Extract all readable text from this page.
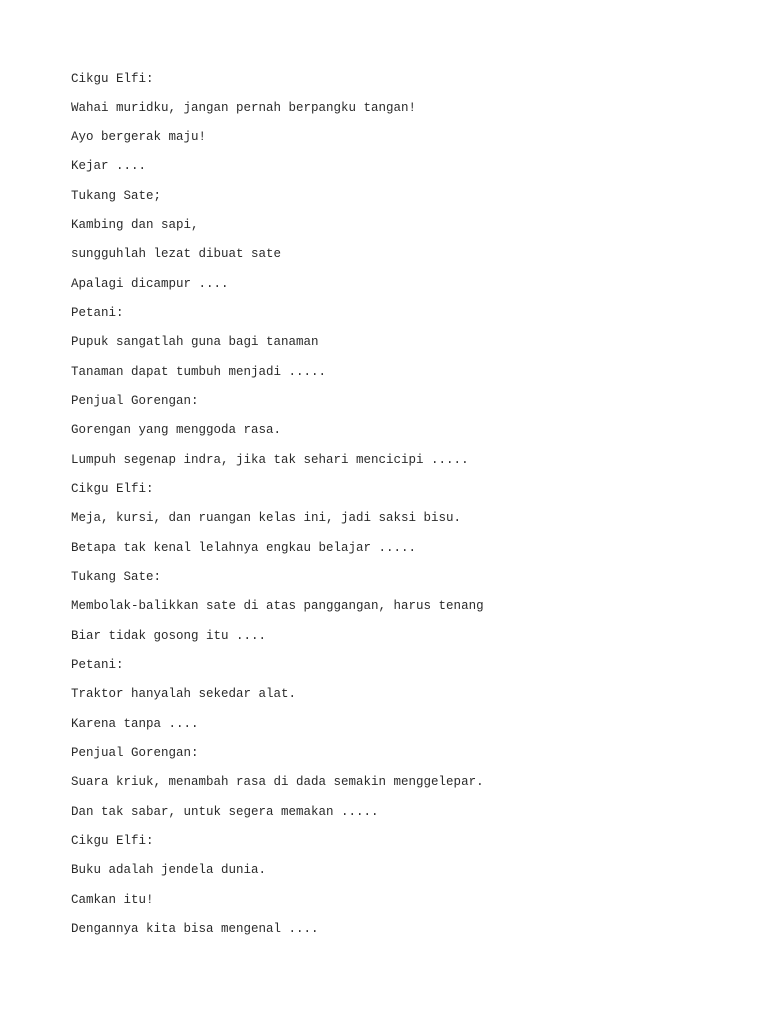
Cikgu Elfi:
Wahai muridku, jangan pernah berpangku tangan!
Ayo bergerak maju!
Kejar ....
Tukang Sate;
Kambing dan sapi,
sungguhlah lezat dibuat sate
Apalagi dicampur ....
Petani:
Pupuk sangatlah guna bagi tanaman
Tanaman dapat tumbuh menjadi .....
Penjual Gorengan:
Gorengan yang menggoda rasa.
Lumpuh segenap indra, jika tak sehari mencicipi .....
Cikgu Elfi:
Meja, kursi, dan ruangan kelas ini, jadi saksi bisu.
Betapa tak kenal lelahnya engkau belajar .....
Tukang Sate:
Membolak-balikkan sate di atas panggangan, harus tenang
Biar tidak gosong itu ....
Petani:
Traktor hanyalah sekedar alat.
Karena tanpa ....
Penjual Gorengan:
Suara kriuk, menambah rasa di dada semakin menggelepar.
Dan tak sabar, untuk segera memakan .....
Cikgu Elfi:
Buku adalah jendela dunia.
Camkan itu!
Dengannya kita bisa mengenal ....
